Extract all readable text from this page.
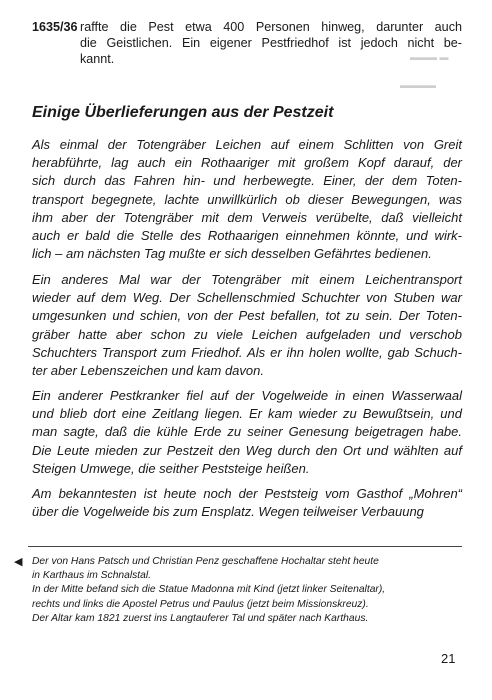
▬▬▬ ▬
▬▬▬▬
1635/36 raffte die Pest etwa 400 Personen hinweg, darunter auch
die Geistlichen. Ein eigener Pestfriedhof ist jedoch nicht be-
kannt.
Einige Überlieferungen aus der Pestzeit

Als einmal der Totengräber Leichen auf einem Schlitten von Greit
herabführte, lag auch ein Rothaariger mit großem Kopf darauf, der
sich durch das Fahren hin- und herbewegte. Einer, der dem Toten-
transport begegnete, lachte unwillkürlich ob dieser Bewegungen, was
ihm aber der Totengräber mit dem Verweis verübelte, daß vielleicht
auch er bald die Stelle des Rothaarigen einnehmen könnte, und wirk-
lich – am nächsten Tag mußte er sich desselben Gefährtes bedienen.

Ein anderes Mal war der Totengräber mit einem Leichentransport
wieder auf dem Weg. Der Schellenschmied Schuchter von Stuben war
umgesunken und schien, von der Pest befallen, tot zu sein. Der Toten-
gräber hatte aber schon zu viele Leichen aufgeladen und verschob
Schuchters Transport zum Friedhof. Als er ihn holen wollte, gab Schuch-
ter aber Lebenszeichen und kam davon.

Ein anderer Pestkranker fiel auf der Vogelweide in einen Wasserwaal
und blieb dort eine Zeitlang liegen. Er kam wieder zu Bewußtsein, und
man sagte, daß die kühle Erde zu seiner Genesung beigetragen habe.
Die Leute mieden zur Pestzeit den Weg durch den Ort und wählten auf
Steigen Umwege, die seither Peststeige heißen.

Am bekanntesten ist heute noch der Peststeig vom Gasthof „Mohren“
über die Vogelweide bis zum Ensplatz. Wegen teilweiser Verbauung

◀ Der von Hans Patsch und Christian Penz geschaffene Hochaltar steht heute
in Karthaus im Schnalstal.
In der Mitte befand sich die Statue Madonna mit Kind (jetzt linker Seitenaltar),
rechts und links die Apostel Petrus und Paulus (jetzt beim Missionskreuz).
Der Altar kam 1821 zuerst ins Langtauferer Tal und später nach Karthaus.

21
